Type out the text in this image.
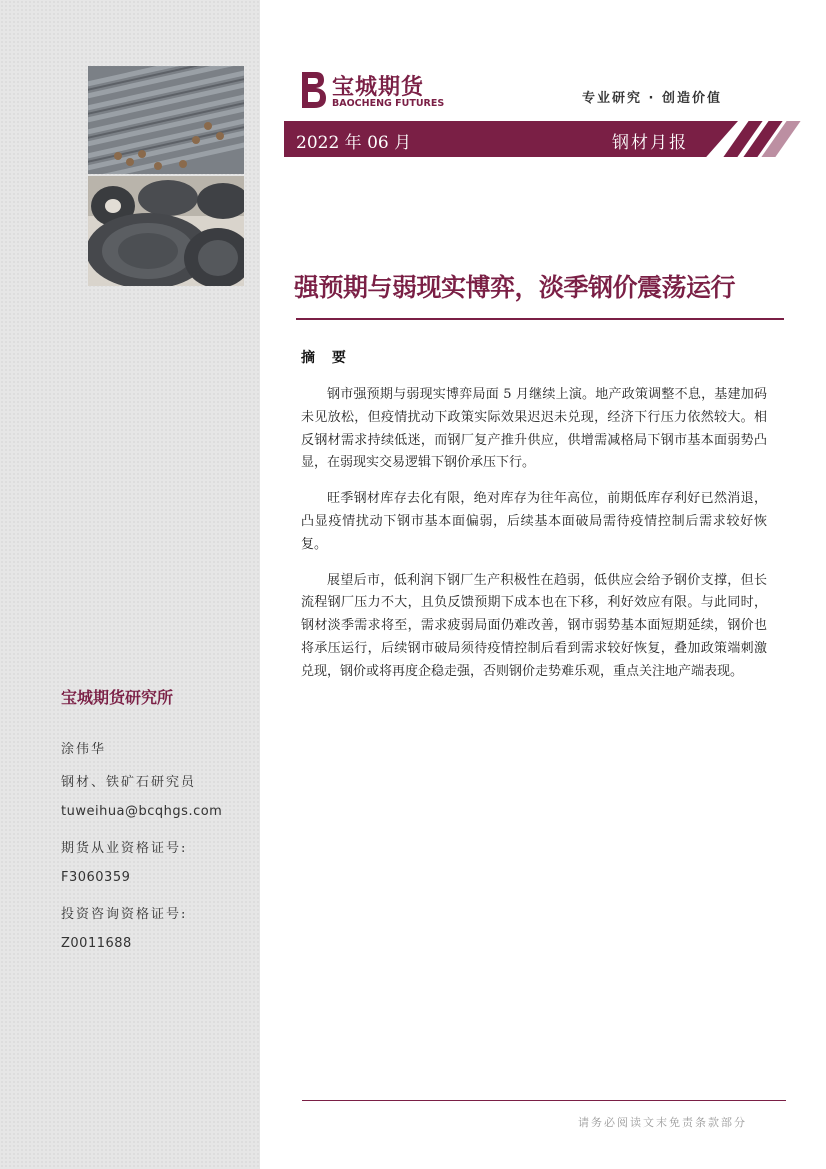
宝城期货研究所
涂伟华
钢材、铁矿石研究员
tuweihua@bcqhgs.com
期货从业资格证号:
F3060359
投资咨询资格证号:
Z0011688
宝城期货
BAOCHENG FUTURES	专业研究 · 创造价值
2022 年 06 月	钢材月报
强预期与弱现实博弈，淡季钢价震荡运行
摘 要

钢市强预期与弱现实博弈局面 5 月继续上演。地产政策调整不息，基建加码未见放松，但疫情扰动下政策实际效果迟迟未兑现，经济下行压力依然较大。相反钢材需求持续低迷，而钢厂复产推升供应，供增需减格局下钢市基本面弱势凸显，在弱现实交易逻辑下钢价承压下行。

旺季钢材库存去化有限，绝对库存为往年高位，前期低库存利好已然消退，凸显疫情扰动下钢市基本面偏弱，后续基本面破局需待疫情控制后需求较好恢复。

展望后市，低利润下钢厂生产积极性在趋弱，低供应会给予钢价支撑，但长流程钢厂压力不大，且负反馈预期下成本也在下移，利好效应有限。与此同时，钢材淡季需求将至，需求疲弱局面仍难改善，钢市弱势基本面短期延续，钢价也将承压运行，后续钢市破局须待疫情控制后看到需求较好恢复，叠加政策端刺激兑现，钢价或将再度企稳走强，否则钢价走势难乐观，重点关注地产端表现。

请务必阅读文末免责条款部分
